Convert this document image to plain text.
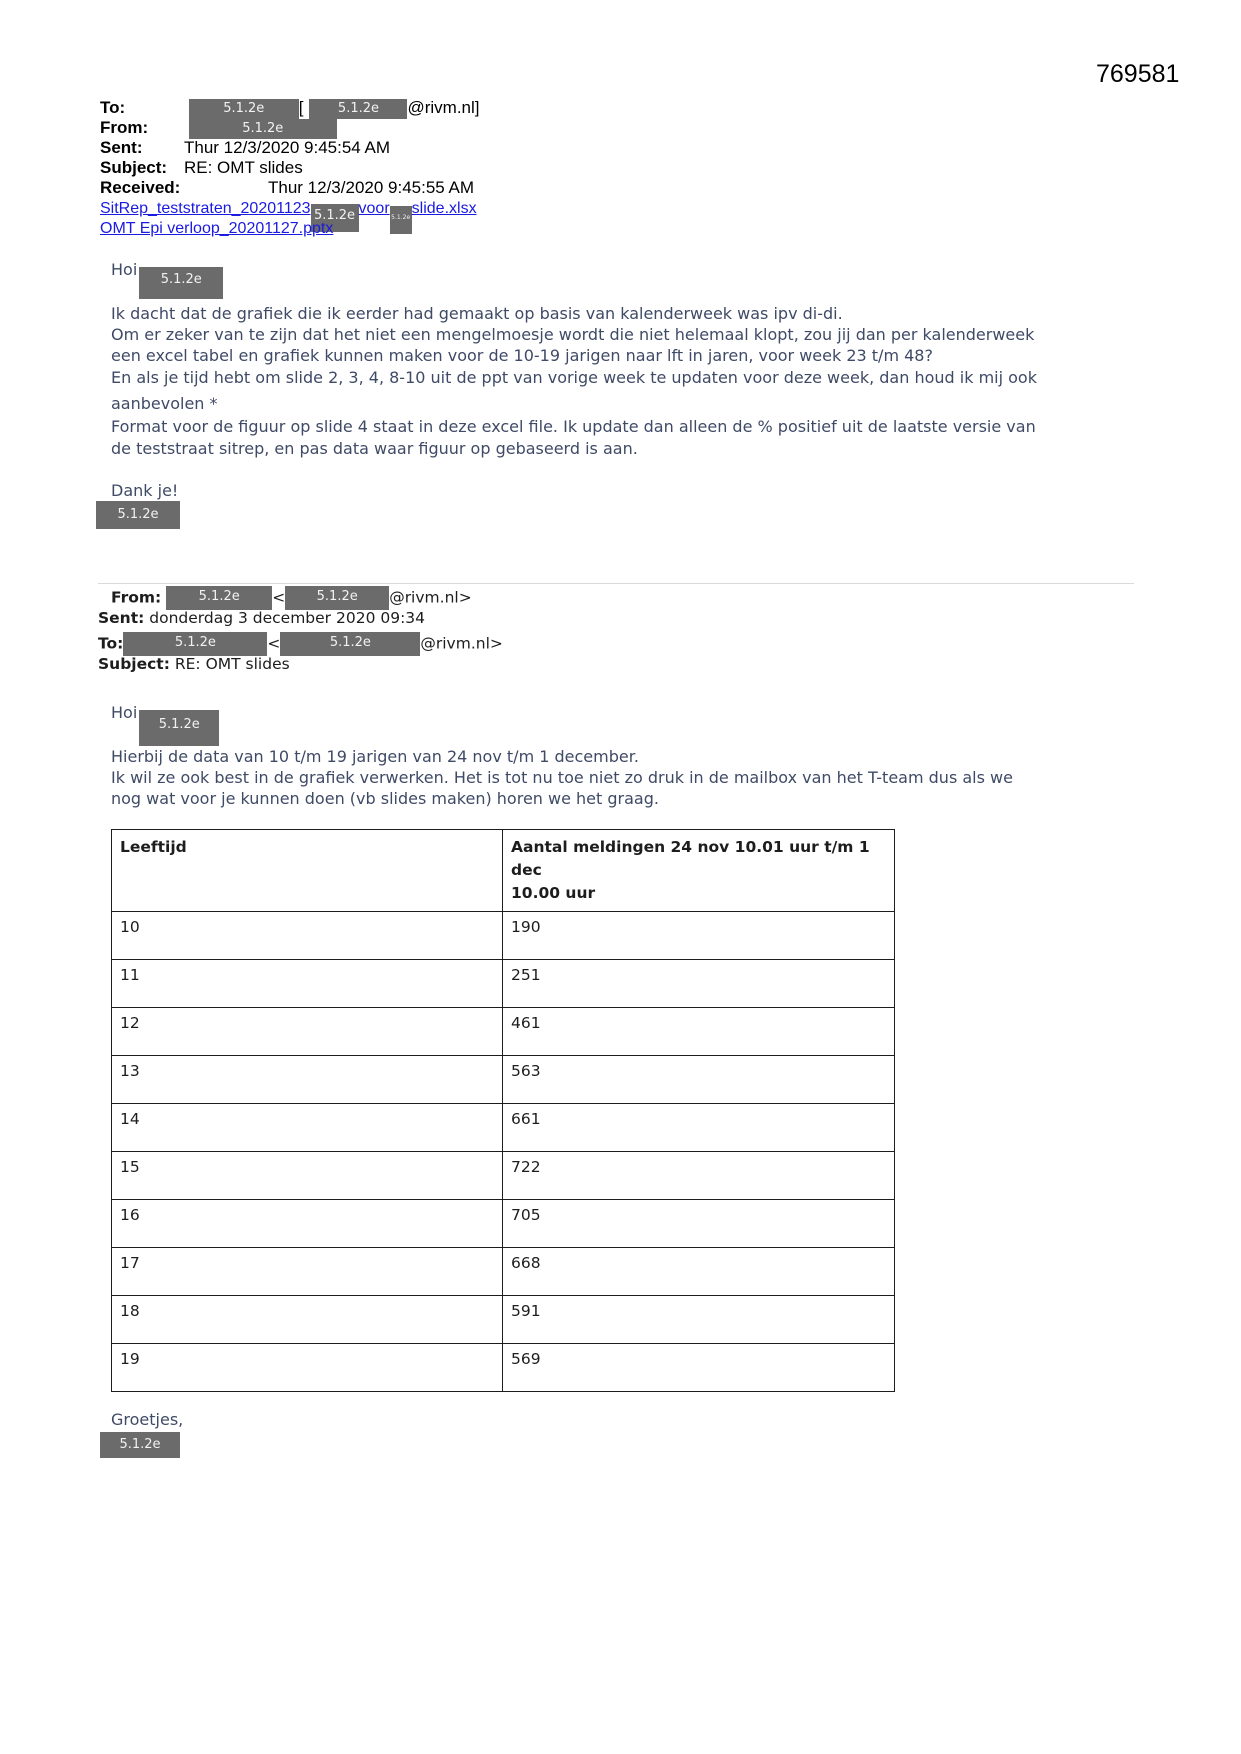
769581
To:	5.1.2e [	5.1.2e @rivm.nl]
From:	5.1.2e
Sent: Thur 12/3/2020 9:45:54 AM
Subject: RE: OMT slides
Received:	Thur 12/3/2020 9:45:55 AM
SitRep_teststraten_20201123 5.1.2e voor5.1.2eslide.xlsx
OMT Epi verloop_20201127.pptx
Hoi5.1.2e
Ik dacht dat de grafiek die ik eerder had gemaakt op basis van kalenderweek was ipv di-di.
Om er zeker van te zijn dat het niet een mengelmoesje wordt die niet helemaal klopt, zou jij dan per kalenderweek
een excel tabel en grafiek kunnen maken voor de 10-19 jarigen naar lft in jaren, voor week 23 t/m 48?
En als je tijd hebt om slide 2, 3, 4, 8-10 uit de ppt van vorige week te updaten voor deze week, dan houd ik mij ook
aanbevolen *
Format voor de figuur op slide 4 staat in deze excel file. Ik update dan alleen de % positief uit de laatste versie van
de teststraat sitrep, en pas data waar figuur op gebaseerd is aan.
Dank je!
5.1.2e
From:	5.1.2e < 5.1.2e @rivm.nl>
Sent: donderdag 3 december 2020 09:34
To:	5.1.2e	<	5.1.2e	@rivm.nl>
Subject: RE: OMT slides
Hoi5.1.2e
Hierbij de data van 10 t/m 19 jarigen van 24 nov t/m 1 december.
Ik wil ze ook best in de grafiek verwerken. Het is tot nu toe niet zo druk in de mailbox van het T-team dus als we
nog wat voor je kunnen doen (vb slides maken) horen we het graag.
Leeftijd	Aantal meldingen 24 nov 10.01 uur t/m 1 dec
10.00 uur
10	190
11	251
12	461
13	563
14	661
15	722
16	705
17	668
18	591
19	569
Groetjes,
5.1.2e
